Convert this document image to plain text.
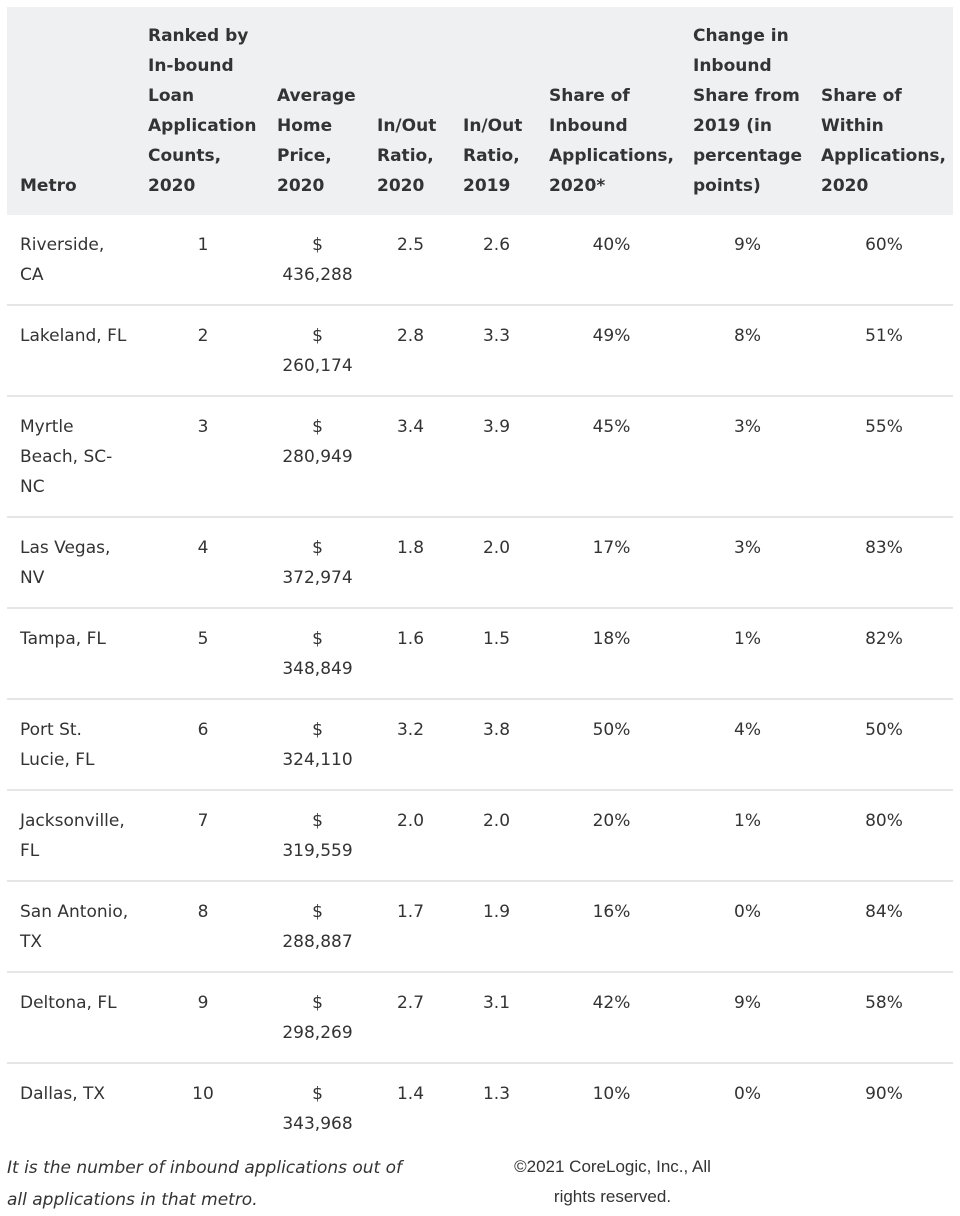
Metro	Ranked by In-bound Loan Application Counts, 2020	Average Home Price, 2020	In/Out Ratio, 2020	In/Out Ratio, 2019	Share of Inbound Applications, 2020*	Change in Inbound Share from 2019 (in percentage points)	Share of Within Applications, 2020
Riverside, CA	1	$ 436,288	2.5	2.6	40%	9%	60%
Lakeland, FL	2	$ 260,174	2.8	3.3	49%	8%	51%
Myrtle Beach, SC-NC	3	$ 280,949	3.4	3.9	45%	3%	55%
Las Vegas, NV	4	$ 372,974	1.8	2.0	17%	3%	83%
Tampa, FL	5	$ 348,849	1.6	1.5	18%	1%	82%
Port St. Lucie, FL	6	$ 324,110	3.2	3.8	50%	4%	50%
Jacksonville, FL	7	$ 319,559	2.0	2.0	20%	1%	80%
San Antonio, TX	8	$ 288,887	1.7	1.9	16%	0%	84%
Deltona, FL	9	$ 298,269	2.7	3.1	42%	9%	58%
Dallas, TX	10	$ 343,968	1.4	1.3	10%	0%	90%
It is the number of inbound applications out of all applications in that metro.
©2021 CoreLogic, Inc., All rights reserved.
